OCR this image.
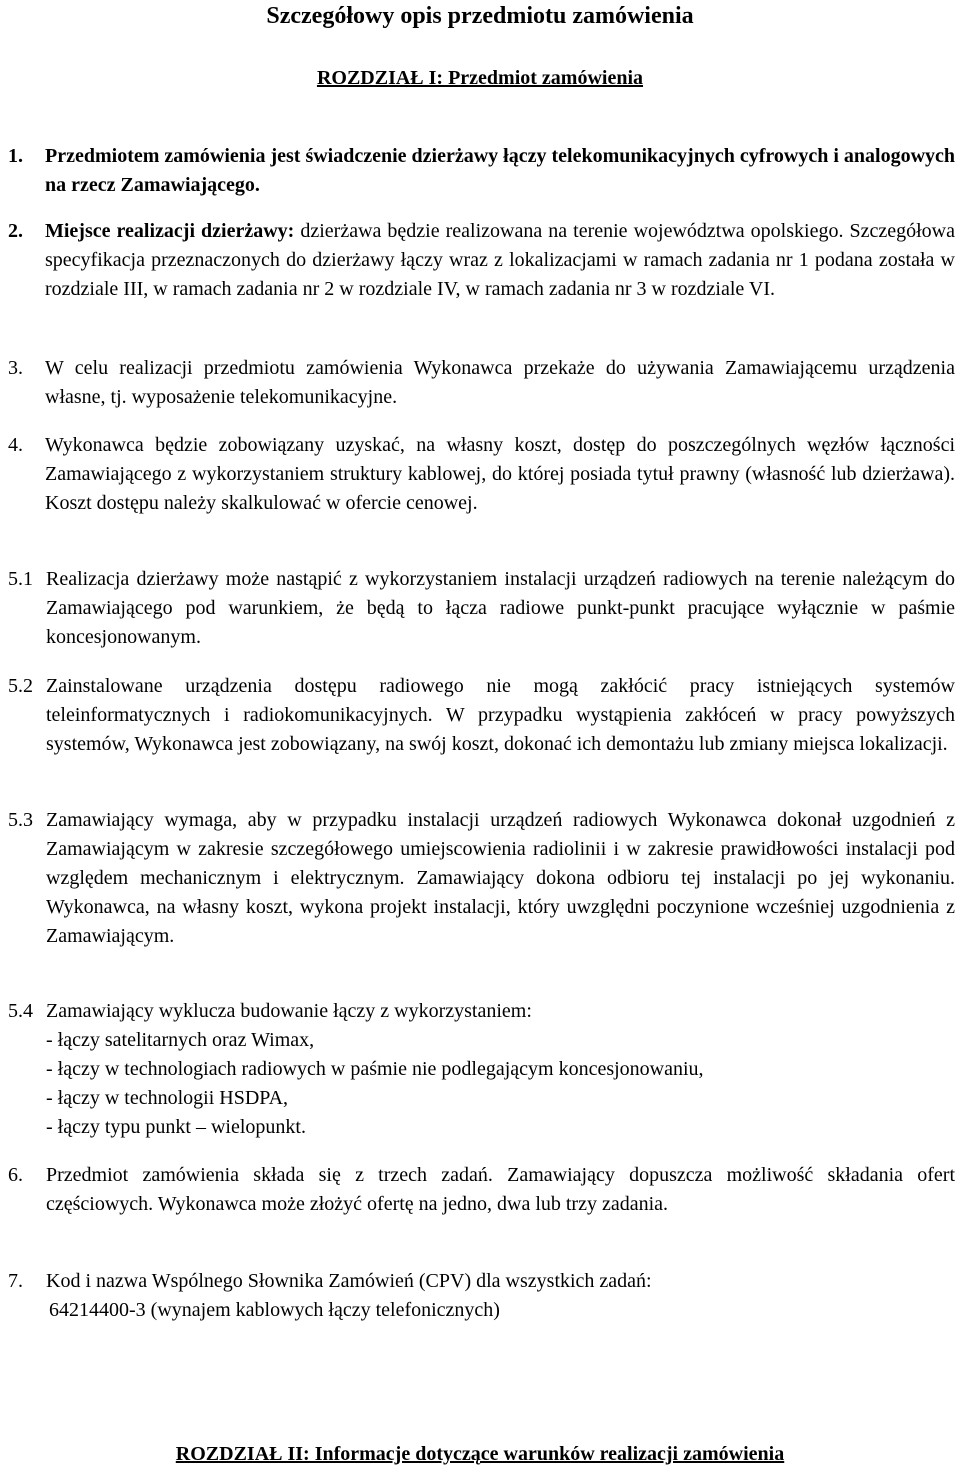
Szczegółowy opis przedmiotu zamówienia
ROZDZIAŁ I: Przedmiot zamówienia
1. Przedmiotem zamówienia jest świadczenie dzierżawy łączy telekomunikacyjnych cyfrowych i analogowych na rzecz Zamawiającego.
2. Miejsce realizacji dzierżawy: dzierżawa będzie realizowana na terenie województwa opolskiego. Szczegółowa specyfikacja przeznaczonych do dzierżawy łączy wraz z lokalizacjami w ramach zadania nr 1 podana została w rozdziale III, w ramach zadania nr 2 w rozdziale IV, w ramach zadania nr 3 w rozdziale VI.
3. W celu realizacji przedmiotu zamówienia Wykonawca przekaże do używania Zamawiającemu urządzenia własne, tj. wyposażenie telekomunikacyjne.
4. Wykonawca będzie zobowiązany uzyskać, na własny koszt, dostęp do poszczególnych węzłów łączności Zamawiającego z wykorzystaniem struktury kablowej, do której posiada tytuł prawny (własność lub dzierżawa). Koszt dostępu należy skalkulować w ofercie cenowej.
5.1 Realizacja dzierżawy może nastąpić z wykorzystaniem instalacji urządzeń radiowych na terenie należącym do Zamawiającego pod warunkiem, że będą to łącza radiowe punkt-punkt pracujące wyłącznie w paśmie koncesjonowanym.
5.2 Zainstalowane urządzenia dostępu radiowego nie mogą zakłócić pracy istniejących systemów teleinformatycznych i radiokomunikacyjnych. W przypadku wystąpienia zakłóceń w pracy powyższych systemów, Wykonawca jest zobowiązany, na swój koszt, dokonać ich demontażu lub zmiany miejsca lokalizacji.
5.3 Zamawiający wymaga, aby w przypadku instalacji urządzeń radiowych Wykonawca dokonał uzgodnień z Zamawiającym w zakresie szczegółowego umiejscowienia radiolinii i w zakresie prawidłowości instalacji pod względem mechanicznym i elektrycznym. Zamawiający dokona odbioru tej instalacji po jej wykonaniu. Wykonawca, na własny koszt, wykona projekt instalacji, który uwzględni poczynione wcześniej uzgodnienia z Zamawiającym.
5.4 Zamawiający wyklucza budowanie łączy z wykorzystaniem:
- łączy satelitarnych oraz Wimax,
- łączy w technologiach radiowych w paśmie nie podlegającym koncesjonowaniu,
- łączy w technologii HSDPA,
- łączy typu punkt – wielopunkt.
6. Przedmiot zamówienia składa się z trzech zadań. Zamawiający dopuszcza możliwość składania ofert częściowych. Wykonawca może złożyć ofertę na jedno, dwa lub trzy zadania.
7. Kod i nazwa Wspólnego Słownika Zamówień (CPV) dla wszystkich zadań:
64214400-3 (wynajem kablowych łączy telefonicznych)
ROZDZIAŁ II: Informacje dotyczące warunków realizacji zamówienia
